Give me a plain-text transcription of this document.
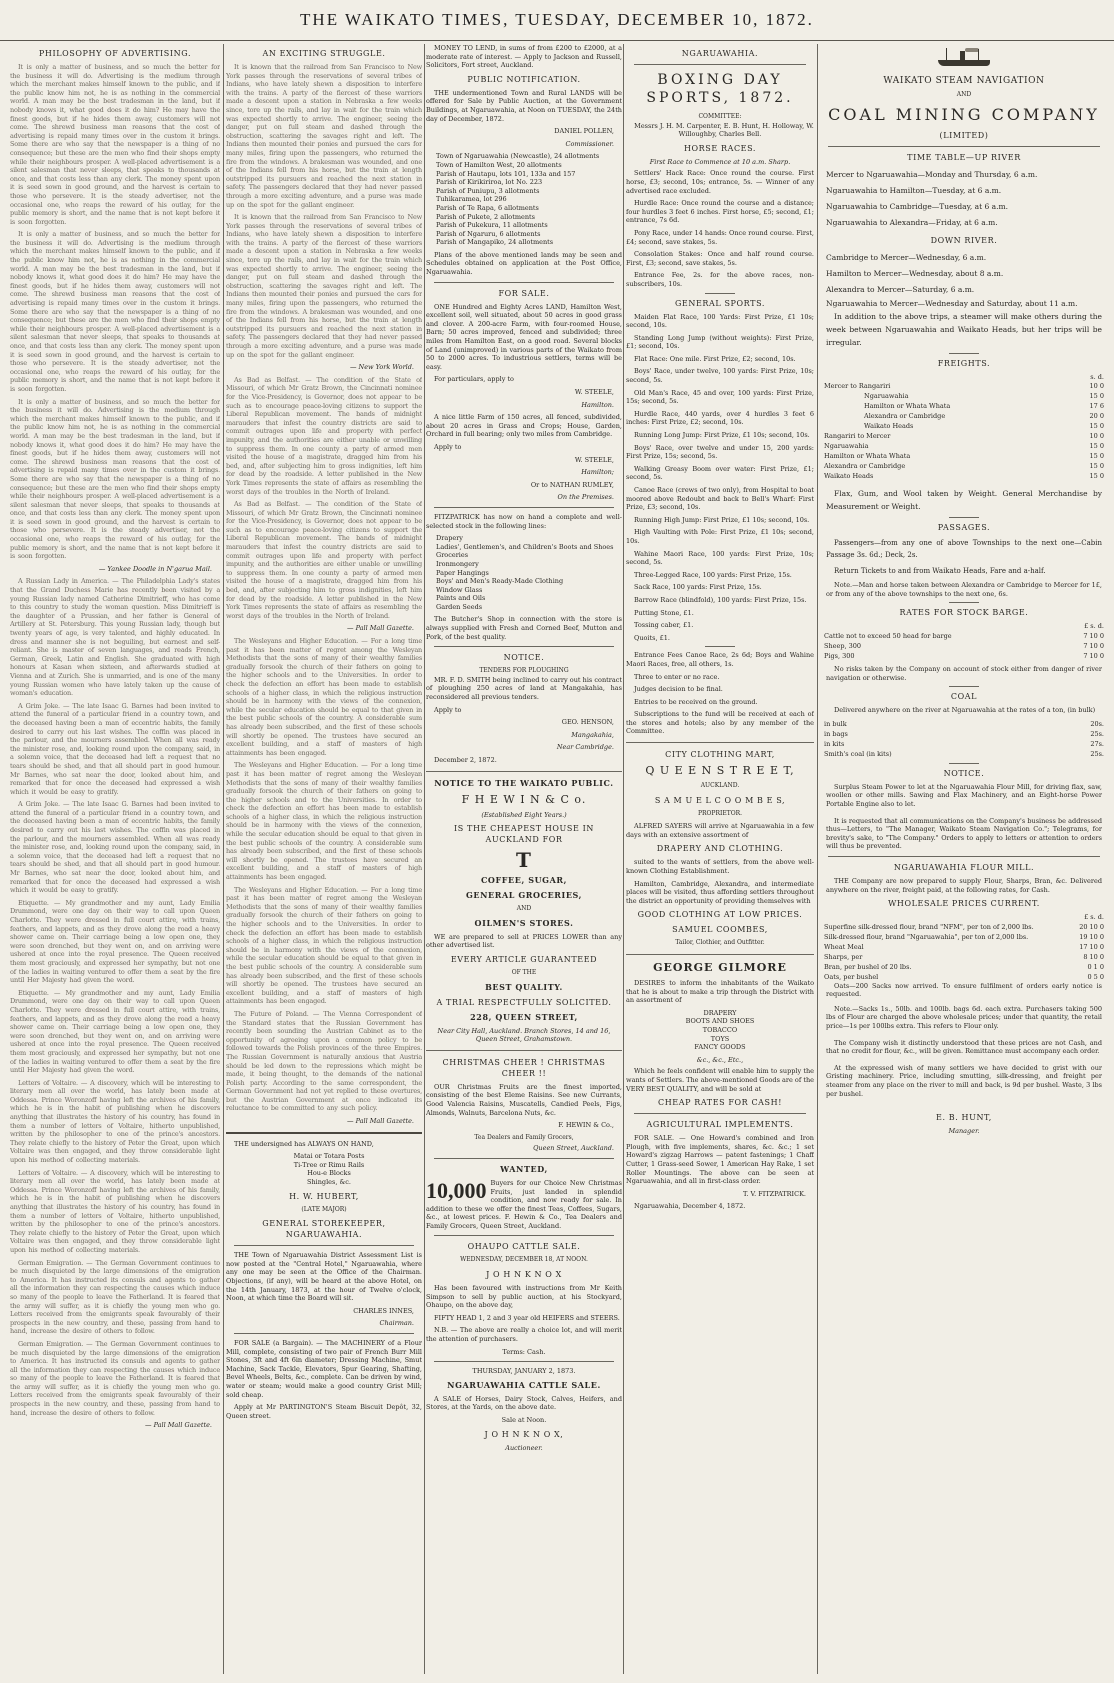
THE WAIKATO TIMES, TUESDAY, DECEMBER 10, 1872.
PHILOSOPHY OF ADVERTISING.
It is only a matter of business, and so much the better for the business it will do. Advertising is the medium through which the merchant makes himself known to the public, and if the public know him not, he is as nothing in the commercial world. A man may be the best tradesman in the land, but if nobody knows it, what good does it do him? He may have the finest goods, but if he hides them away, customers will not come. The shrewd business man reasons that the cost of advertising is repaid many times over in the custom it brings. Some there are who say that the newspaper is a thing of no consequence; but these are the men who find their shops empty while their neighbours prosper. A well-placed advertisement is a silent salesman that never sleeps, that speaks to thousands at once, and that costs less than any clerk. The money spent upon it is seed sown in good ground, and the harvest is certain to those who persevere. It is the steady advertiser, not the occasional one, who reaps the reward of his outlay, for the public memory is short, and the name that is not kept before it is soon forgotten.
It is only a matter of business, and so much the better for the business it will do. Advertising is the medium through which the merchant makes himself known to the public, and if the public know him not, he is as nothing in the commercial world. A man may be the best tradesman in the land, but if nobody knows it, what good does it do him? He may have the finest goods, but if he hides them away, customers will not come. The shrewd business man reasons that the cost of advertising is repaid many times over in the custom it brings. Some there are who say that the newspaper is a thing of no consequence; but these are the men who find their shops empty while their neighbours prosper. A well-placed advertisement is a silent salesman that never sleeps, that speaks to thousands at once, and that costs less than any clerk. The money spent upon it is seed sown in good ground, and the harvest is certain to those who persevere. It is the steady advertiser, not the occasional one, who reaps the reward of his outlay, for the public memory is short, and the name that is not kept before it is soon forgotten.
It is only a matter of business, and so much the better for the business it will do. Advertising is the medium through which the merchant makes himself known to the public, and if the public know him not, he is as nothing in the commercial world. A man may be the best tradesman in the land, but if nobody knows it, what good does it do him? He may have the finest goods, but if he hides them away, customers will not come. The shrewd business man reasons that the cost of advertising is repaid many times over in the custom it brings. Some there are who say that the newspaper is a thing of no consequence; but these are the men who find their shops empty while their neighbours prosper. A well-placed advertisement is a silent salesman that never sleeps, that speaks to thousands at once, and that costs less than any clerk. The money spent upon it is seed sown in good ground, and the harvest is certain to those who persevere. It is the steady advertiser, not the occasional one, who reaps the reward of his outlay, for the public memory is short, and the name that is not kept before it is soon forgotten.
— Yankee Doodle in N'garua Mail.
A Russian Lady in America. — The Philadelphia Lady's states that the Grand Duchess Marie has recently been visited by a young Russian lady named Catherine Dimitrieff, who has come to this country to study the woman question. Miss Dimitrieff is the daughter of a Prussian, and her father is General of Artillery at St. Petersburg. This young Russian lady, though but twenty years of age, is very talented, and highly educated. In dress and manner she is not beguiling, but earnest and self-reliant. She is master of seven languages, and reads French, German, Greek, Latin and English. She graduated with high honours at Kasan when sixteen, and afterwards studied at Vienna and at Zurich. She is unmarried, and is one of the many young Russian women who have lately taken up the cause of woman's education.
A Grim Joke. — The late Isaac G. Barnes had been invited to attend the funeral of a particular friend in a country town, and the deceased having been a man of eccentric habits, the family desired to carry out his last wishes. The coffin was placed in the parlour, and the mourners assembled. When all was ready the minister rose, and, looking round upon the company, said, in a solemn voice, that the deceased had left a request that no tears should be shed, and that all should part in good humour. Mr Barnes, who sat near the door, looked about him, and remarked that for once the deceased had expressed a wish which it would be easy to gratify.
A Grim Joke. — The late Isaac G. Barnes had been invited to attend the funeral of a particular friend in a country town, and the deceased having been a man of eccentric habits, the family desired to carry out his last wishes. The coffin was placed in the parlour, and the mourners assembled. When all was ready the minister rose, and, looking round upon the company, said, in a solemn voice, that the deceased had left a request that no tears should be shed, and that all should part in good humour. Mr Barnes, who sat near the door, looked about him, and remarked that for once the deceased had expressed a wish which it would be easy to gratify.
Etiquette. — My grandmother and my aunt, Lady Emilia Drummond, were one day on their way to call upon Queen Charlotte. They were dressed in full court attire, with trains, feathers, and lappets, and as they drove along the road a heavy shower came on. Their carriage being a low open one, they were soon drenched, but they went on, and on arriving were ushered at once into the royal presence. The Queen received them most graciously, and expressed her sympathy, but not one of the ladies in waiting ventured to offer them a seat by the fire until Her Majesty had given the word.
Etiquette. — My grandmother and my aunt, Lady Emilia Drummond, were one day on their way to call upon Queen Charlotte. They were dressed in full court attire, with trains, feathers, and lappets, and as they drove along the road a heavy shower came on. Their carriage being a low open one, they were soon drenched, but they went on, and on arriving were ushered at once into the royal presence. The Queen received them most graciously, and expressed her sympathy, but not one of the ladies in waiting ventured to offer them a seat by the fire until Her Majesty had given the word.
Letters of Voltaire. — A discovery, which will be interesting to literary men all over the world, has lately been made at Oddessa. Prince Woronzoff having left the archives of his family, which he is in the habit of publishing when he discovers anything that illustrates the history of his country, has found in them a number of letters of Voltaire, hitherto unpublished, written by the philosopher to one of the prince's ancestors. They relate chiefly to the history of Peter the Great, upon which Voltaire was then engaged, and they throw considerable light upon his method of collecting materials.
Letters of Voltaire. — A discovery, which will be interesting to literary men all over the world, has lately been made at Oddessa. Prince Woronzoff having left the archives of his family, which he is in the habit of publishing when he discovers anything that illustrates the history of his country, has found in them a number of letters of Voltaire, hitherto unpublished, written by the philosopher to one of the prince's ancestors. They relate chiefly to the history of Peter the Great, upon which Voltaire was then engaged, and they throw considerable light upon his method of collecting materials.
German Emigration. — The German Government continues to be much disquieted by the large dimensions of the emigration to America. It has instructed its consuls and agents to gather all the information they can respecting the causes which induce so many of the people to leave the Fatherland. It is feared that the army will suffer, as it is chiefly the young men who go. Letters received from the emigrants speak favourably of their prospects in the new country, and these, passing from hand to hand, increase the desire of others to follow.
German Emigration. — The German Government continues to be much disquieted by the large dimensions of the emigration to America. It has instructed its consuls and agents to gather all the information they can respecting the causes which induce so many of the people to leave the Fatherland. It is feared that the army will suffer, as it is chiefly the young men who go. Letters received from the emigrants speak favourably of their prospects in the new country, and these, passing from hand to hand, increase the desire of others to follow.
— Pall Mall Gazette.
AN EXCITING STRUGGLE.
It is known that the railroad from San Francisco to New York passes through the reservations of several tribes of Indians, who have lately shewn a disposition to interfere with the trains. A party of the fiercest of these warriors made a descent upon a station in Nebraska a few weeks since, tore up the rails, and lay in wait for the train which was expected shortly to arrive. The engineer, seeing the danger, put on full steam and dashed through the obstruction, scattering the savages right and left. The Indians then mounted their ponies and pursued the cars for many miles, firing upon the passengers, who returned the fire from the windows. A brakesman was wounded, and one of the Indians fell from his horse, but the train at length outstripped its pursuers and reached the next station in safety. The passengers declared that they had never passed through a more exciting adventure, and a purse was made up on the spot for the gallant engineer.
It is known that the railroad from San Francisco to New York passes through the reservations of several tribes of Indians, who have lately shewn a disposition to interfere with the trains. A party of the fiercest of these warriors made a descent upon a station in Nebraska a few weeks since, tore up the rails, and lay in wait for the train which was expected shortly to arrive. The engineer, seeing the danger, put on full steam and dashed through the obstruction, scattering the savages right and left. The Indians then mounted their ponies and pursued the cars for many miles, firing upon the passengers, who returned the fire from the windows. A brakesman was wounded, and one of the Indians fell from his horse, but the train at length outstripped its pursuers and reached the next station in safety. The passengers declared that they had never passed through a more exciting adventure, and a purse was made up on the spot for the gallant engineer.
— New York World.
As Bad as Belfast. — The condition of the State of Missouri, of which Mr Gratz Brown, the Cincinnati nominee for the Vice-Presidency, is Governor, does not appear to be such as to encourage peace-loving citizens to support the Liberal Republican movement. The bands of midnight marauders that infest the country districts are said to commit outrages upon life and property with perfect impunity, and the authorities are either unable or unwilling to suppress them. In one county a party of armed men visited the house of a magistrate, dragged him from his bed, and, after subjecting him to gross indignities, left him for dead by the roadside. A letter published in the New York Times represents the state of affairs as resembling the worst days of the troubles in the North of Ireland.
As Bad as Belfast. — The condition of the State of Missouri, of which Mr Gratz Brown, the Cincinnati nominee for the Vice-Presidency, is Governor, does not appear to be such as to encourage peace-loving citizens to support the Liberal Republican movement. The bands of midnight marauders that infest the country districts are said to commit outrages upon life and property with perfect impunity, and the authorities are either unable or unwilling to suppress them. In one county a party of armed men visited the house of a magistrate, dragged him from his bed, and, after subjecting him to gross indignities, left him for dead by the roadside. A letter published in the New York Times represents the state of affairs as resembling the worst days of the troubles in the North of Ireland.
— Pall Mall Gazette.
The Wesleyans and Higher Education. — For a long time past it has been matter of regret among the Wesleyan Methodists that the sons of many of their wealthy families gradually forsook the church of their fathers on going to the higher schools and to the Universities. In order to check the defection an effort has been made to establish schools of a higher class, in which the religious instruction should be in harmony with the views of the connexion, while the secular education should be equal to that given in the best public schools of the country. A considerable sum has already been subscribed, and the first of these schools will shortly be opened. The trustees have secured an excellent building, and a staff of masters of high attainments has been engaged.
The Wesleyans and Higher Education. — For a long time past it has been matter of regret among the Wesleyan Methodists that the sons of many of their wealthy families gradually forsook the church of their fathers on going to the higher schools and to the Universities. In order to check the defection an effort has been made to establish schools of a higher class, in which the religious instruction should be in harmony with the views of the connexion, while the secular education should be equal to that given in the best public schools of the country. A considerable sum has already been subscribed, and the first of these schools will shortly be opened. The trustees have secured an excellent building, and a staff of masters of high attainments has been engaged.
The Wesleyans and Higher Education. — For a long time past it has been matter of regret among the Wesleyan Methodists that the sons of many of their wealthy families gradually forsook the church of their fathers on going to the higher schools and to the Universities. In order to check the defection an effort has been made to establish schools of a higher class, in which the religious instruction should be in harmony with the views of the connexion, while the secular education should be equal to that given in the best public schools of the country. A considerable sum has already been subscribed, and the first of these schools will shortly be opened. The trustees have secured an excellent building, and a staff of masters of high attainments has been engaged.
The Future of Poland. — The Vienna Correspondent of the Standard states that the Russian Government has recently been sounding the Austrian Cabinet as to the opportunity of agreeing upon a common policy to be followed towards the Polish provinces of the three Empires. The Russian Government is naturally anxious that Austria should be led down to the repressions which might be made, it being thought, to the demands of the national Polish party. According to the same correspondent, the German Government had not yet replied to these overtures, but the Austrian Government at once indicated its reluctance to be committed to any such policy.
— Pall Mall Gazette.
THE undersigned has ALWAYS ON HAND,
Matai or Totara Posts
Ti-Tree or Rimu Rails
Hou-e Blocks
Shingles, &c.
H. W. HUBERT,
(LATE MAJOR)
GENERAL STOREKEEPER, NGARUAWAHIA.
THE Town of Ngaruawahia District Assessment List is now posted at the "Central Hotel," Ngaruawahia, where any one may be seen at the Office of the Chairman. Objections, (if any), will be heard at the above Hotel, on the 14th January, 1873, at the hour of Twelve o'clock, Noon, at which time the Board will sit.
CHARLES INNES,
Chairman.
FOR SALE (a Bargain). — The MACHINERY of a Flour Mill, complete, consisting of two pair of French Burr Mill Stones, 3ft and 4ft 6in diameter; Dressing Machine, Smut Machine, Sack Tackle, Elevators, Spur Gearing, Shafting, Bevel Wheels, Belts, &c., complete. Can be driven by wind, water or steam; would make a good country Grist Mill; sold cheap.
Apply at Mr PARTINGTON'S Steam Biscuit Depôt, 32, Queen street.
MONEY TO LEND, in sums of from £200 to £2000, at a moderate rate of interest. — Apply to Jackson and Russell, Solicitors, Fort street, Auckland.
PUBLIC NOTIFICATION.
THE undermentioned Town and Rural LANDS will be offered for Sale by Public Auction, at the Government Buildings, at Ngaruawahia, at Noon on TUESDAY, the 24th day of December, 1872.
DANIEL POLLEN,
Commissioner.
Town of Ngaruawahia (Newcastle), 24 allotments
Town of Hamilton West, 20 allotments
Parish of Hautapu, lots 101, 133a and 157
Parish of Kirikiriroa, lot No. 223
Parish of Puniupu, 3 allotments
Tuhikaramea, lot 296
Parish of Te Rapa, 6 allotments
Parish of Pukete, 2 allotments
Parish of Pukekura, 11 allotments
Parish of Ngaruru, 6 allotments
Parish of Mangapiko, 24 allotments
Plans of the above mentioned lands may be seen and Schedules obtained on application at the Post Office, Ngaruawahia.
FOR SALE.
ONE Hundred and Eighty Acres LAND, Hamilton West, excellent soil, well situated, about 50 acres in good grass and clover. A 200-acre Farm, with four-roomed House, Barn; 50 acres improved, fenced and subdivided; three miles from Hamilton East, on a good road. Several blocks of Land (unimproved) in various parts of the Waikato from 50 to 2000 acres. To industrious settlers, terms will be easy.
For particulars, apply to
W. STEELE,
Hamilton.
A nice little Farm of 150 acres, all fenced, subdivided, about 20 acres in Grass and Crops; House, Garden, Orchard in full bearing; only two miles from Cambridge.
Apply to
W. STEELE,
Hamilton;
Or to NATHAN RUMLEY,
On the Premises.
FITZPATRICK has now on hand a complete and well-selected stock in the following lines:
Drapery
Ladies', Gentlemen's, and Children's Boots and Shoes
Groceries
Ironmongery
Paper Hangings
Boys' and Men's Ready-Made Clothing
Window Glass
Paints and Oils
Garden Seeds
The Butcher's Shop in connection with the store is always supplied with Fresh and Corned Beef, Mutton and Pork, of the best quality.
NOTICE.
TENDERS FOR PLOUGHING
MR. F. D. SMITH being inclined to carry out his contract of ploughing 250 acres of land at Mangakahia, has reconsidered all previous tenders.
Apply to
GEO. HENSON,
Mangakahia,
Near Cambridge.
December 2, 1872.
NOTICE TO THE WAIKATO PUBLIC.
F H E W I N & C o.
(Established Eight Years.)
IS THE CHEAPEST HOUSE IN AUCKLAND FOR
T
COFFEE, SUGAR,
GENERAL GROCERIES,
AND
OILMEN'S STORES.
WE are prepared to sell at PRICES LOWER than any other advertised list.
EVERY ARTICLE GUARANTEED
OF THE
BEST QUALITY.
A TRIAL RESPECTFULLY SOLICITED.
228, QUEEN STREET,
Near City Hall, Auckland. Branch Stores, 14 and 16, Queen Street, Grahamstown.
CHRISTMAS CHEER ! CHRISTMAS CHEER !!
OUR Christmas Fruits are the finest imported, consisting of the best Eleme Raisins. See new Currants, Good Valencia Raisins, Muscatells, Candied Peels, Figs, Almonds, Walnuts, Barcelona Nuts, &c.
F. HEWIN & Co.,
Tea Dealers and Family Grocers,
Queen Street, Auckland.
WANTED,
10,000 Buyers for our Choice New Christmas Fruits, just landed in splendid condition, and now ready for sale. In addition to these we offer the finest Teas, Coffees, Sugars, &c., at lowest prices. F. Hewin & Co., Tea Dealers and Family Grocers, Queen Street, Auckland.
OHAUPO CATTLE SALE.
WEDNESDAY, DECEMBER 18, AT NOON.
J O H N K N O X
Has been favoured with instructions from Mr Keith Simpson to sell by public auction, at his Stockyard, Ohaupo, on the above day,
FIFTY HEAD 1, 2 and 3 year old HEIFERS and STEERS.
N.B. — The above are really a choice lot, and will merit the attention of purchasers.
Terms: Cash.
THURSDAY, JANUARY 2, 1873.
NGARUAWAHIA CATTLE SALE.
A SALE of Horses, Dairy Stock, Calves, Heifers, and Stores, at the Yards, on the above date.
Sale at Noon.
J O H N K N O X,
Auctioneer.
NGARUAWAHIA.
BOXING DAY SPORTS, 1872.
COMMITTEE:
Messrs J. H. M. Carpenter, E. B. Hunt, H. Holloway, W. Willoughby, Charles Bell.
HORSE RACES.
First Race to Commence at 10 a.m. Sharp.
Settlers' Hack Race: Once round the course. First horse, £3; second, 10s; entrance, 5s. — Winner of any advertised race excluded.
Hurdle Race: Once round the course and a distance; four hurdles 3 feet 6 inches. First horse, £5; second, £1; entrance, 7s 6d.
Pony Race, under 14 hands: Once round course. First, £4; second, save stakes, 5s.
Consolation Stakes: Once and half round course. First, £3; second, save stakes, 5s.
Entrance Fee, 2s. for the above races, non-subscribers, 10s.
GENERAL SPORTS.
Maiden Flat Race, 100 Yards: First Prize, £1 10s; second, 10s.
Standing Long Jump (without weights): First Prize, £1; second, 10s.
Flat Race: One mile. First Prize, £2; second, 10s.
Boys' Race, under twelve, 100 yards: First Prize, 10s; second, 5s.
Old Man's Race, 45 and over, 100 yards: First Prize, 15s; second, 5s.
Hurdle Race, 440 yards, over 4 hurdles 3 feet 6 inches: First Prize, £2; second, 10s.
Running Long Jump: First Prize, £1 10s; second, 10s.
Boys' Race, over twelve and under 15, 200 yards: First Prize, 15s; second, 5s.
Walking Greasy Boom over water: First Prize, £1; second, 5s.
Canoe Race (crews of two only), from Hospital to boat moored above Redoubt and back to Bell's Wharf: First Prize, £3; second, 10s.
Running High Jump: First Prize, £1 10s; second, 10s.
High Vaulting with Pole: First Prize, £1 10s; second, 10s.
Wahine Maori Race, 100 yards: First Prize, 10s; second, 5s.
Three-Legged Race, 100 yards: First Prize, 15s.
Sack Race, 100 yards: First Prize, 15s.
Barrow Race (blindfold), 100 yards: First Prize, 15s.
Putting Stone, £1.
Tossing caber, £1.
Quoits, £1.
Entrance Fees Canoe Race, 2s 6d; Boys and Wahine Maori Races, free, all others, 1s.
Three to enter or no race.
Judges decision to be final.
Entries to be received on the ground.
Subscriptions to the fund will be received at each of the stores and hotels; also by any member of the Committee.
CITY CLOTHING MART,
Q U E E N S T R E E T,
AUCKLAND.
S A M U E L C O O M B E S,
PROPRIETOR.
ALFRED SAYERS will arrive at Ngaruawahia in a few days with an extensive assortment of
DRAPERY AND CLOTHING.
suited to the wants of settlers, from the above well-known Clothing Establishment.
Hamilton, Cambridge, Alexandra, and intermediate places will be visited, thus affording settlers throughout the district an opportunity of providing themselves with
GOOD CLOTHING AT LOW PRICES.
SAMUEL COOMBES,
Tailor, Clothier, and Outfitter.
GEORGE GILMORE
DESIRES to inform the inhabitants of the Waikato that he is about to make a trip through the District with an assortment of
DRAPERY
BOOTS AND SHOES
TOBACCO
TOYS
FANCY GOODS
&c., &c., Etc.,
Which he feels confident will enable him to supply the wants of Settlers. The above-mentioned Goods are of the VERY BEST QUALITY, and will be sold at
CHEAP RATES FOR CASH!
AGRICULTURAL IMPLEMENTS.
FOR SALE. — One Howard's combined and Iron Plough, with five implements, shares, &c. &c.; 1 set Howard's zigzag Harrows — patent fastenings; 1 Chaff Cutter, 1 Grass-seed Sower, 1 American Hay Rake, 1 set Roller Mountings. The above can be seen at Ngaruawahia, and all in first-class order.
T. V. FITZPATRICK.
Ngaruawahia, December 4, 1872.
WAIKATO STEAM NAVIGATION
AND
COAL MINING COMPANY
(LIMITED)
TIME TABLE—UP RIVER
Mercer to Ngaruawahia—Monday and Thursday, 6 a.m.
Ngaruawahia to Hamilton—Tuesday, at 6 a.m.
Ngaruawahia to Cambridge—Tuesday, at 6 a.m.
Ngaruawahia to Alexandra—Friday, at 6 a.m.
DOWN RIVER.
Cambridge to Mercer—Wednesday, 6 a.m.
Hamilton to Mercer—Wednesday, about 8 a.m.
Alexandra to Mercer—Saturday, 6 a.m.
Ngaruawahia to Mercer—Wednesday and Saturday, about 11 a.m.
In addition to the above trips, a steamer will make others during the week between Ngaruawahia and Waikato Heads, but her trips will be irregular.
FREIGHTS.
s. d.
Mercer to Rangariri	10 0
Ngaruawahia	15 0
Hamilton or Whata Whata	17 6
Alexandra or Cambridge	20 0
Waikato Heads	15 0
Rangariri to Mercer	10 0
Ngaruawahia	15 0
Hamilton or Whata Whata	15 0
Alexandra or Cambridge	15 0
Waikato Heads	15 0
Flax, Gum, and Wool taken by Weight. General Merchandise by Measurement or Weight.
PASSAGES.
Passengers—from any one of above Townships to the next one—Cabin Passage 3s. 6d.; Deck, 2s.
Return Tickets to and from Waikato Heads, Fare and a-half.
Note.—Man and horse taken between Alexandra or Cambridge to Mercer for 1£, or from any of the above townships to the next one, 6s.
RATES FOR STOCK BARGE.
£ s. d.
Cattle not to exceed 50 head for barge	7 10 0
Sheep, 300	7 10 0
Pigs, 300	7 10 0
No risks taken by the Company on account of stock either from danger of river navigation or otherwise.
COAL
Delivered anywhere on the river at Ngaruawahia at the rates of a ton, (in bulk)
in bulk	20s.
in bags	25s.
in kits	27s.
Smith's coal (in kits)	25s.
NOTICE.
Surplus Steam Power to let at the Ngaruawahia Flour Mill, for driving flax, saw, woollen or other mills. Sawing and Flax Machinery, and an Eight-horse Power Portable Engine also to let.
It is requested that all communications on the Company's business be addressed thus—Letters, to "The Manager, Waikato Steam Navigation Co."; Telegrams, for brevity's sake, to "The Company." Orders to apply to letters or attention to orders will thus be prevented.
NGARUAWAHIA FLOUR MILL.
THE Company are now prepared to supply Flour, Sharps, Bran, &c. Delivered anywhere on the river, freight paid, at the following rates, for Cash.
WHOLESALE PRICES CURRENT.
£ s. d.
Superfine silk-dressed flour, brand "NFM", per ton of 2,000 lbs.	20 10 0
Silk-dressed flour, brand "Ngaruawahia", per ton of 2,000 lbs.	19 10 0
Wheat Meal	17 10 0
Sharps, per	8 10 0
Bran, per bushel of 20 lbs.	0 1 0
Oats, per bushel	0 5 0
Oats—200 Sacks now arrived. To ensure fulfilment of orders early notice is requested.
Note.—Sacks 1s., 50lb. and 100lb. bags 6d. each extra. Purchasers taking 500 lbs of Flour are charged the above wholesale prices; under that quantity, the retail price—1s per 100lbs extra. This refers to Flour only.
The Company wish it distinctly understood that these prices are not Cash, and that no credit for flour, &c., will be given. Remittance must accompany each order.
At the expressed wish of many settlers we have decided to grist with our Gristing machinery. Price, including smutting, silk-dressing, and freight per steamer from any place on the river to mill and back, is 9d per bushel. Waste, 3 lbs per bushel.
E. B. HUNT,
Manager.
